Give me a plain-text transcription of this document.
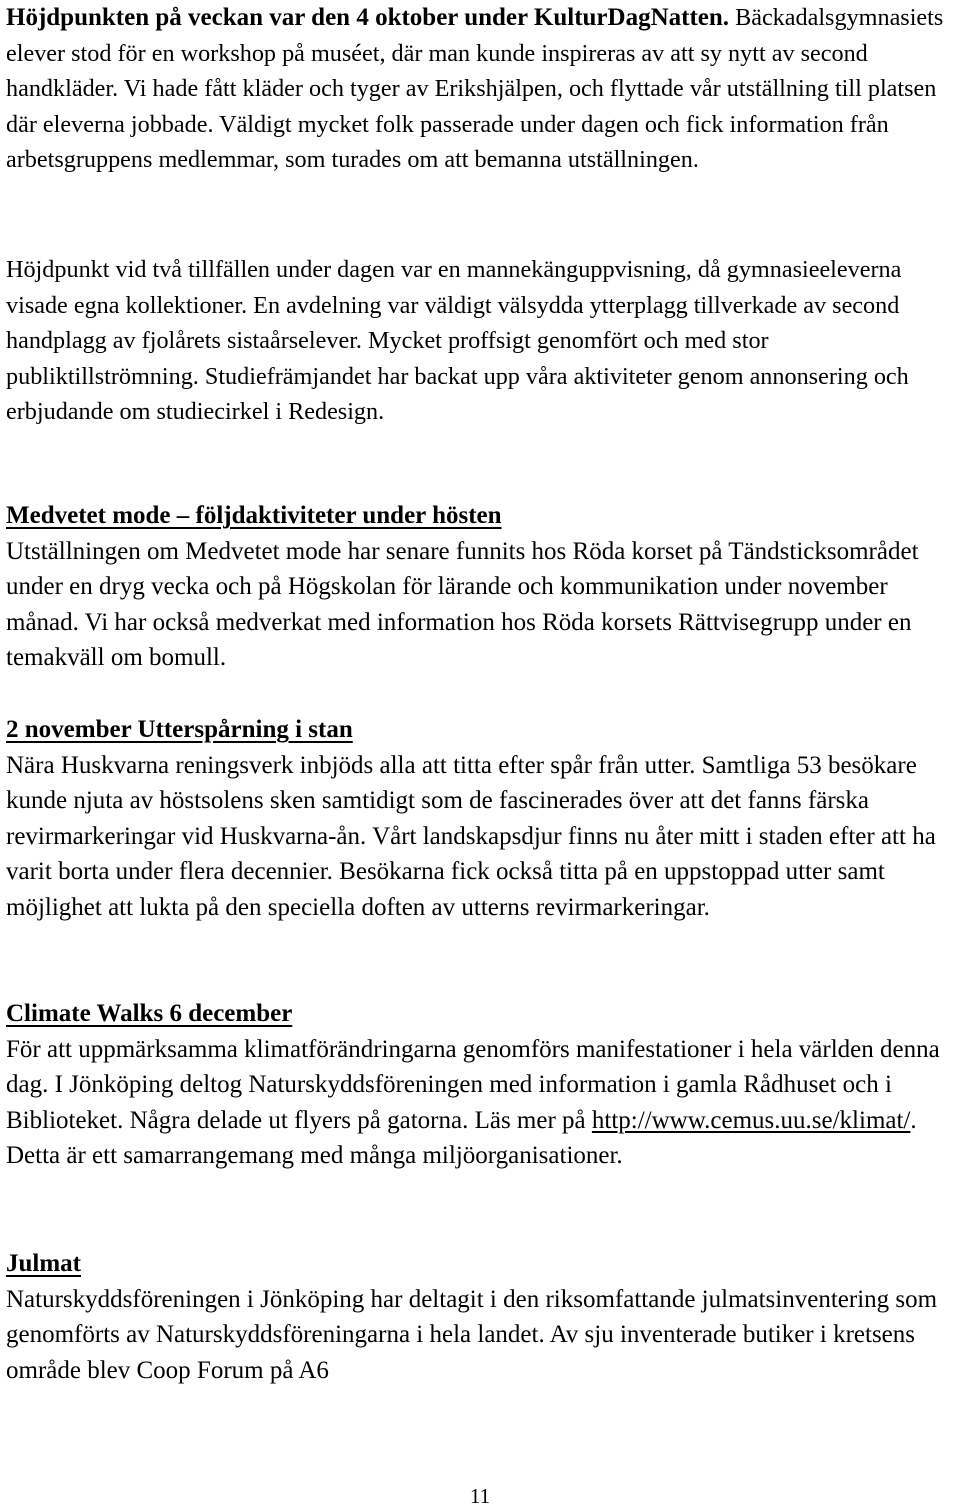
Höjdpunkten på veckan var den 4 oktober under KulturDagNatten. Bäckadalsgymnasiets elever stod för en workshop på muséet, där man kunde inspireras av att sy nytt av second handkläder. Vi hade fått kläder och tyger av Erikshjälpen, och flyttade vår utställning till platsen där eleverna jobbade. Väldigt mycket folk passerade under dagen och fick information från arbetsgruppens medlemmar, som turades om att bemanna utställningen.

Höjdpunkt vid två tillfällen under dagen var en mannekänguppvisning, då gymnasieeleverna visade egna kollektioner. En avdelning var väldigt välsydda ytterplagg tillverkade av second handplagg av fjolårets sistaårselever. Mycket proffsigt genomfört och med stor publiktillströmning. Studiefrämjandet har backat upp våra aktiviteter genom annonsering och erbjudande om studiecirkel i Redesign.

Medvetet mode – följdaktiviteter under hösten

Utställningen om Medvetet mode har senare funnits hos Röda korset på Tändsticksområdet under en dryg vecka och på Högskolan för lärande och kommunikation under november månad. Vi har också medverkat med information hos Röda korsets Rättvisegrupp under en temakväll om bomull.

2 november Utterspårning i stan

Nära Huskvarna reningsverk inbjöds alla att titta efter spår från utter. Samtliga 53 besökare kunde njuta av höstsolens sken samtidigt som de fascinerades över att det fanns färska revirmarkeringar vid Huskvarna-ån. Vårt landskapsdjur finns nu åter mitt i staden efter att ha varit borta under flera decennier. Besökarna fick också titta på en uppstoppad utter samt möjlighet att lukta på den speciella doften av utterns revirmarkeringar.

Climate Walks 6 december

För att uppmärksamma klimatförändringarna genomförs manifestationer i hela världen denna dag. I Jönköping deltog Naturskyddsföreningen med information i gamla Rådhuset och i Biblioteket. Några delade ut flyers på gatorna. Läs mer på http://www.cemus.uu.se/klimat/. Detta är ett samarrangemang med många miljöorganisationer.

Julmat

Naturskyddsföreningen i Jönköping har deltagit i den riksomfattande julmatsinventering som genomförts av Naturskyddsföreningarna i hela landet. Av sju inventerade butiker i kretsens område blev Coop Forum på A6

11
